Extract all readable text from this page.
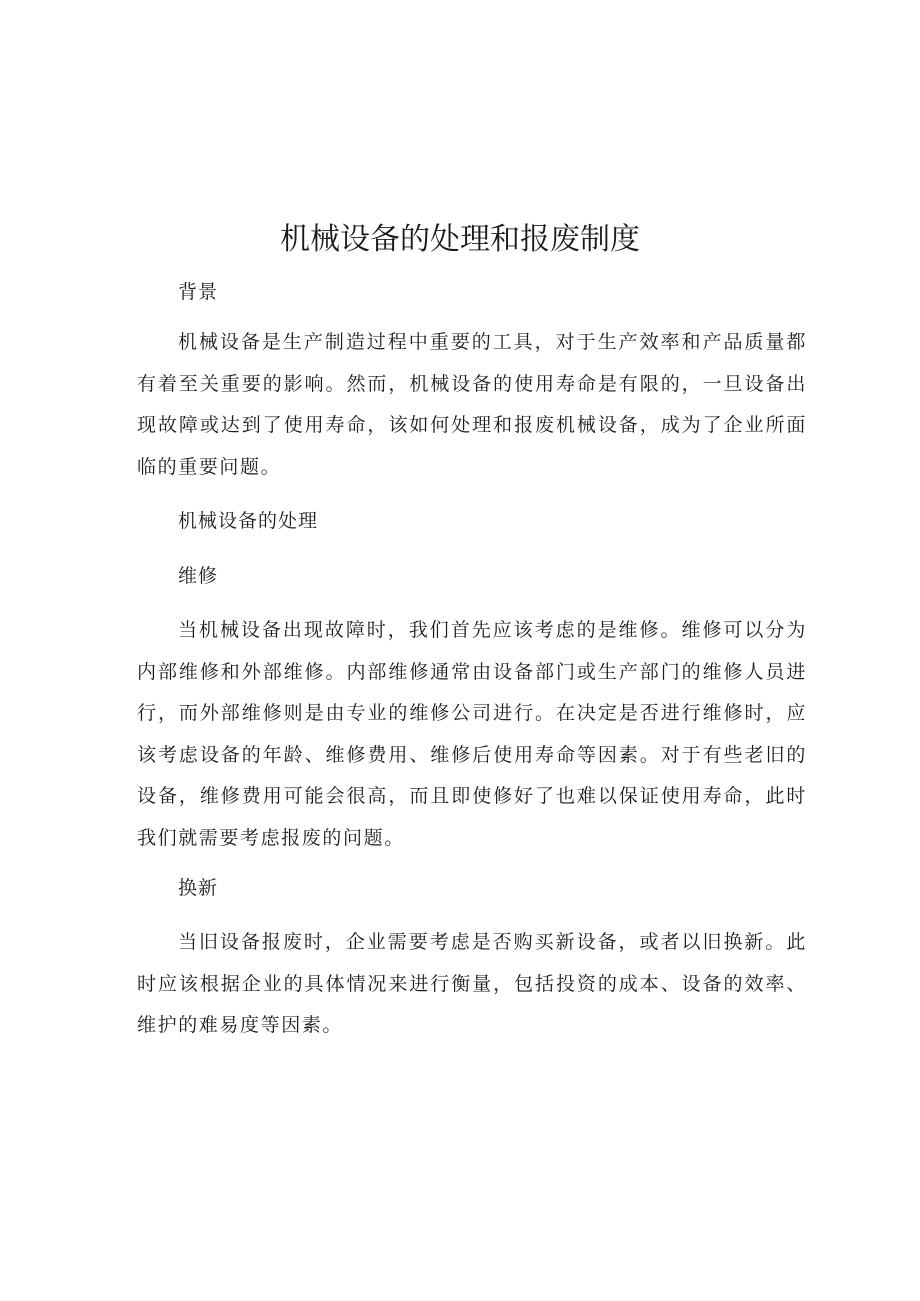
机械设备的处理和报废制度

背景

机械设备是生产制造过程中重要的工具，对于生产效率和产品质量都有着至关重要的影响。然而，机械设备的使用寿命是有限的，一旦设备出现故障或达到了使用寿命，该如何处理和报废机械设备，成为了企业所面临的重要问题。

机械设备的处理

维修

当机械设备出现故障时，我们首先应该考虑的是维修。维修可以分为内部维修和外部维修。内部维修通常由设备部门或生产部门的维修人员进行，而外部维修则是由专业的维修公司进行。在决定是否进行维修时，应该考虑设备的年龄、维修费用、维修后使用寿命等因素。对于有些老旧的设备，维修费用可能会很高，而且即使修好了也难以保证使用寿命，此时我们就需要考虑报废的问题。

换新

当旧设备报废时，企业需要考虑是否购买新设备，或者以旧换新。此时应该根据企业的具体情况来进行衡量，包括投资的成本、设备的效率、维护的难易度等因素。
